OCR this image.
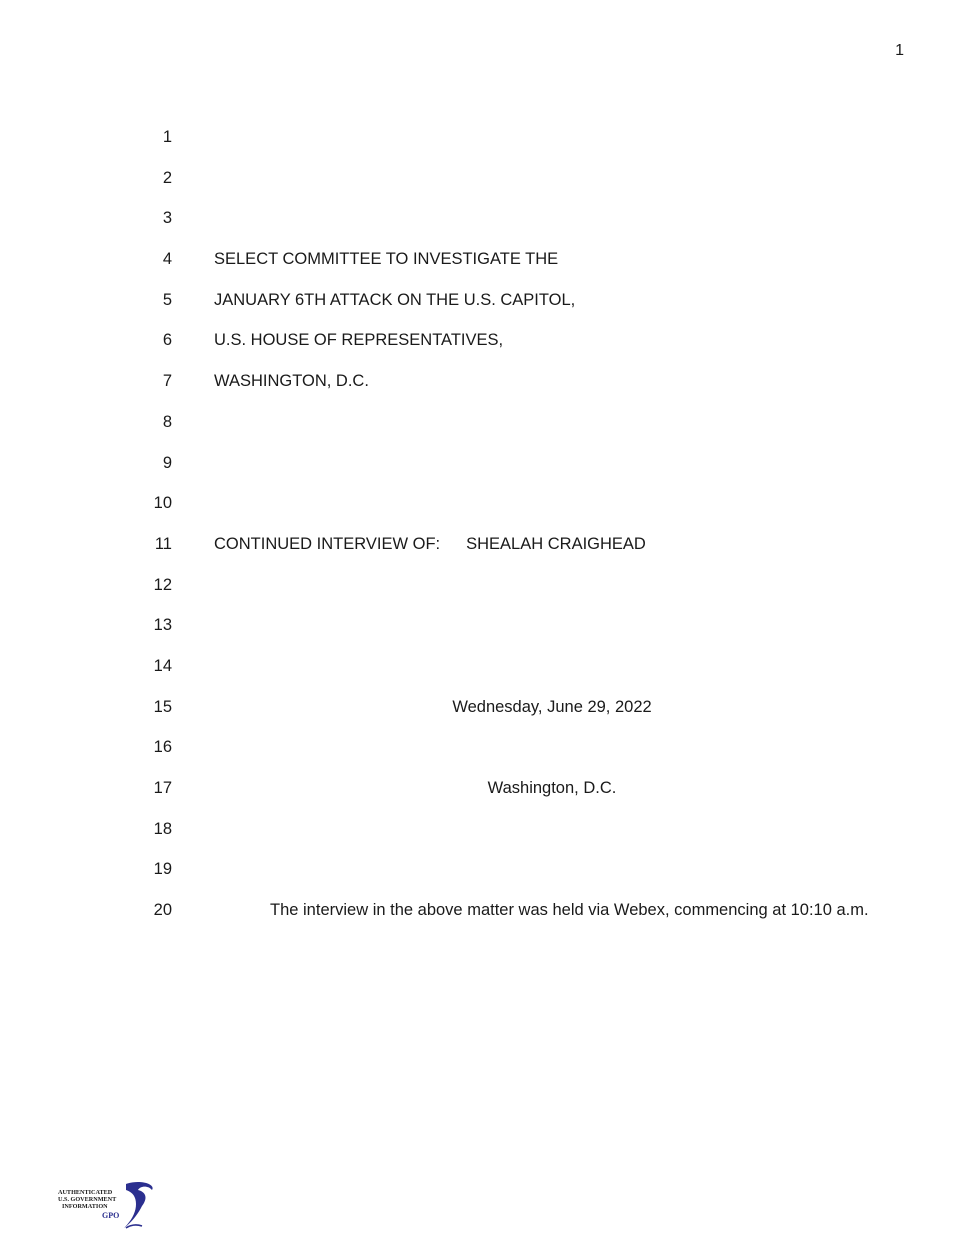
1
1
2
3
4	SELECT COMMITTEE TO INVESTIGATE THE
5	JANUARY 6TH ATTACK ON THE U.S. CAPITOL,
6	U.S. HOUSE OF REPRESENTATIVES,
7	WASHINGTON, D.C.
8
9
10
11	CONTINUED INTERVIEW OF: SHEALAH CRAIGHEAD
12
13
14
15	Wednesday, June 29, 2022
16
17	Washington, D.C.
18
19
20	The interview in the above matter was held via Webex, commencing at 10:10 a.m.
AUTHENTICATED
U.S. GOVERNMENT
INFORMATION
GPO
